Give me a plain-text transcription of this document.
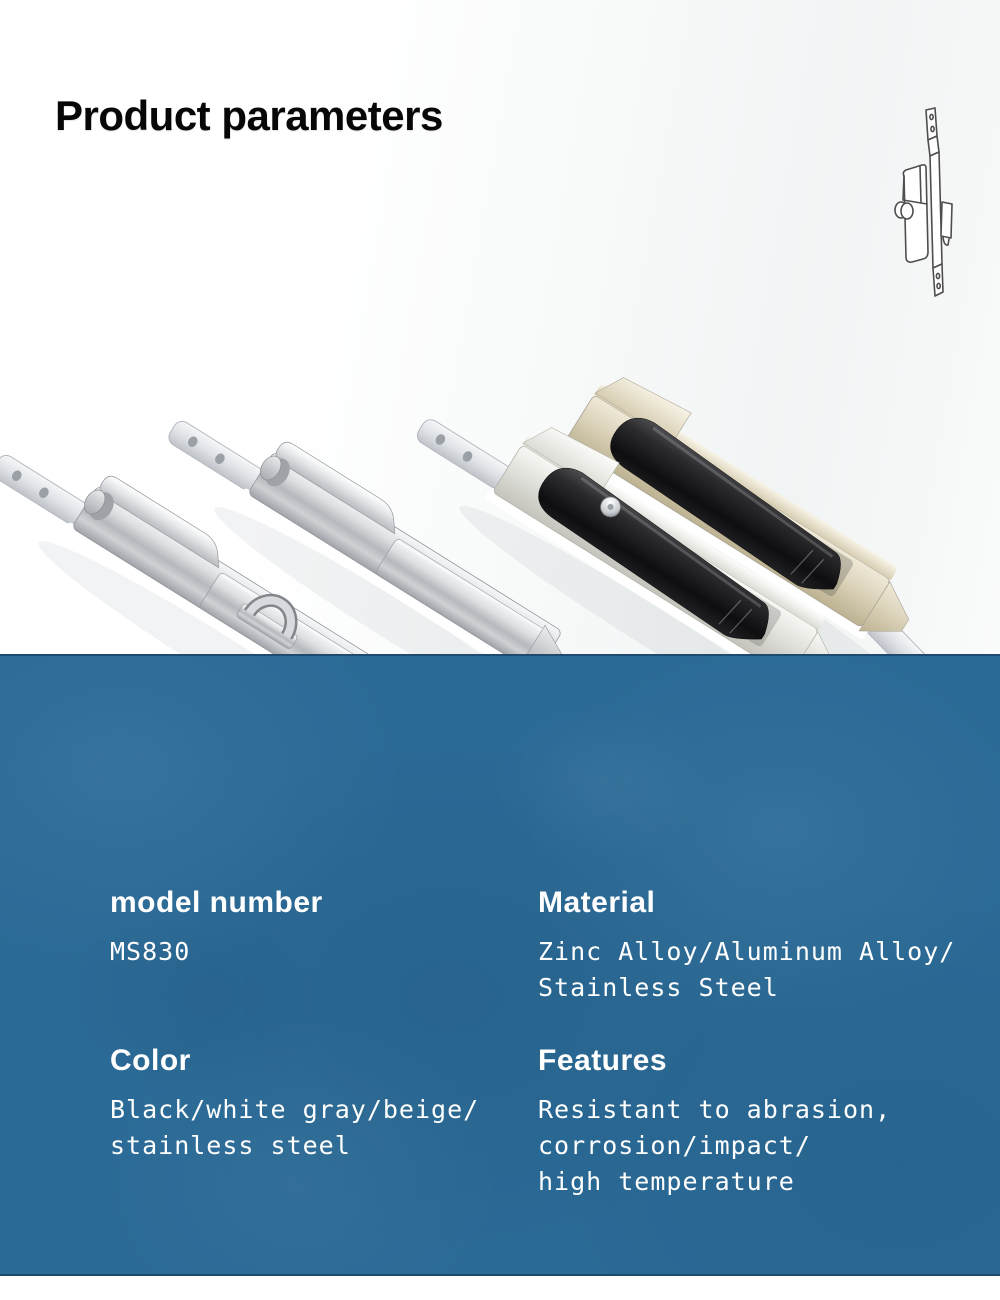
Product parameters
model number

MS830

Material

Zinc Alloy/Aluminum Alloy/

Stainless Steel

Color

Black/white gray/beige/

stainless steel

Features

Resistant to abrasion,

corrosion/impact/

high temperature
